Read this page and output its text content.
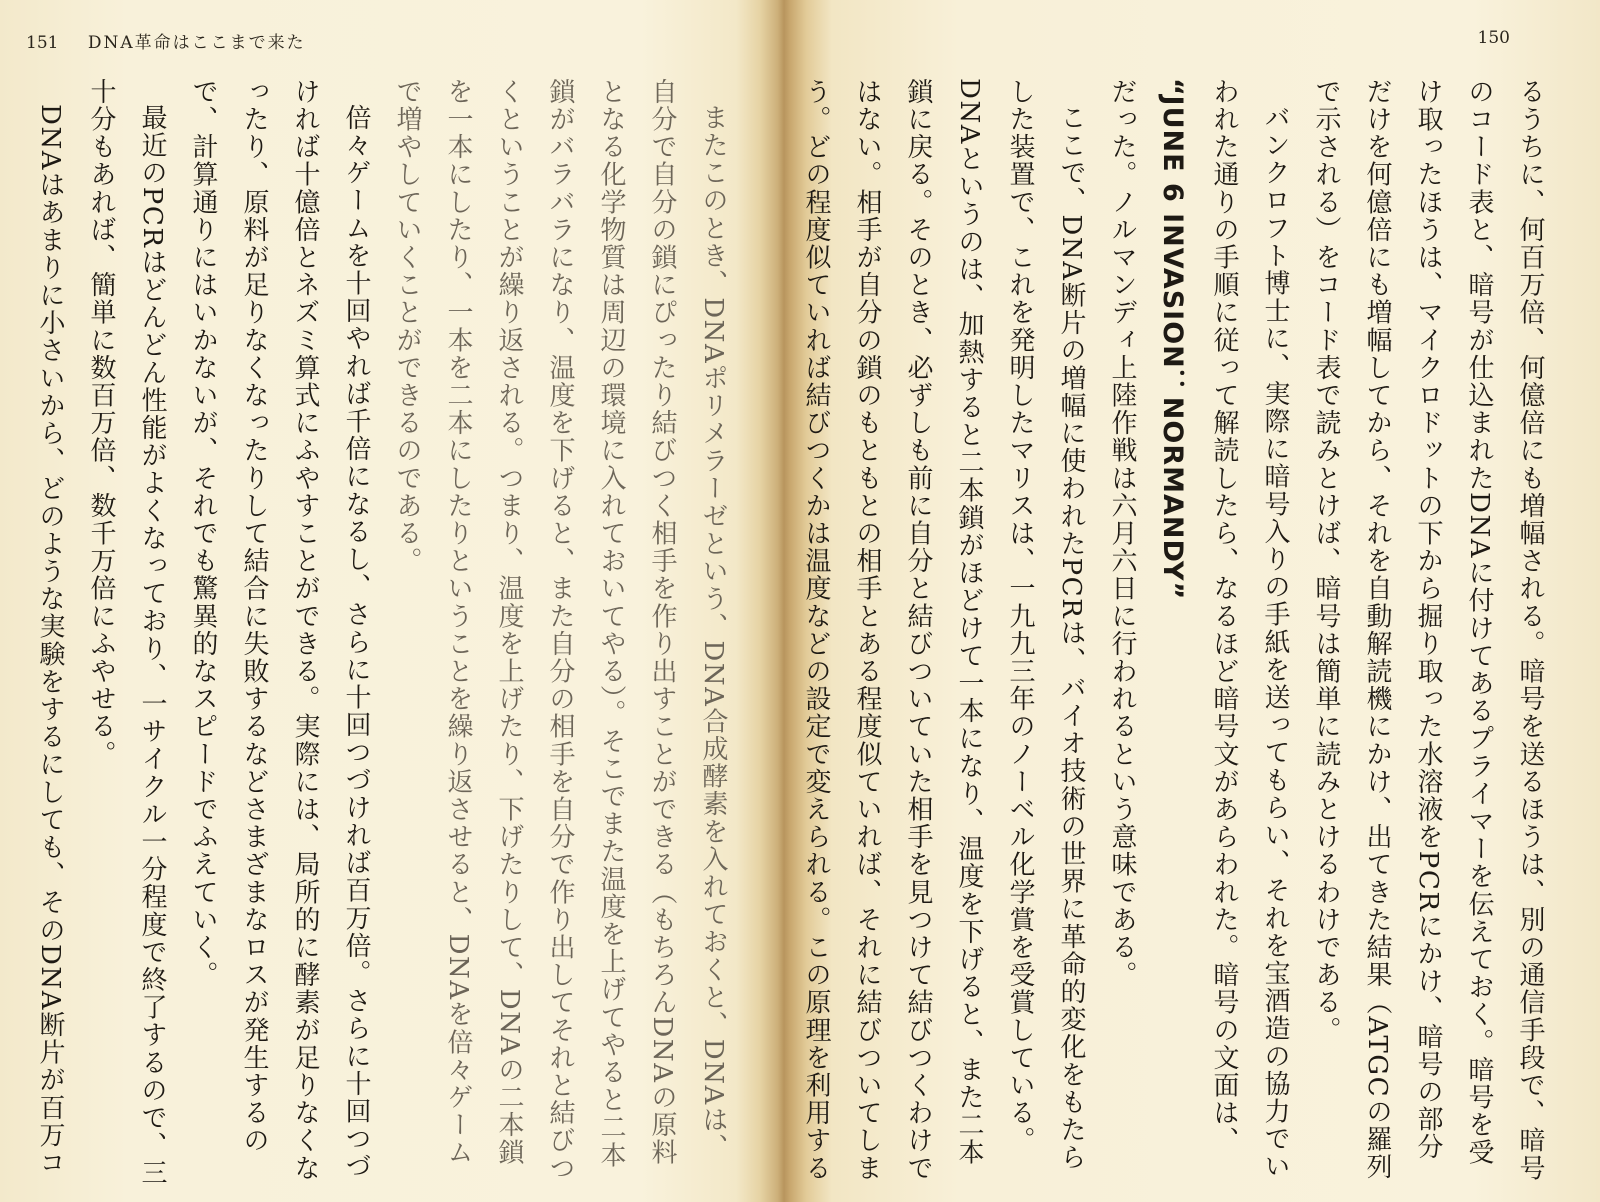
151 DNA革命はここまで来た

またこのとき、DNAポリメラーゼという、DNA合成酵素を入れておくと、DNAは、自分で自分の鎖にぴったり結びつく相手を作り出すことができる（もちろんDNAの原料となる化学物質は周辺の環境に入れておいてやる）。そこでまた温度を上げてやると二本鎖がバラバラになり、温度を下げると、また自分の相手を自分で作り出してそれと結びつくということが繰り返される。つまり、温度を上げたり、下げたりして、DNAの二本鎖を一本にしたり、一本を二本にしたりということを繰り返させると、DNAを倍々ゲームで増やしていくことができるのである。

倍々ゲームを十回やれば千倍になるし、さらに十回つづければ百万倍。さらに十回つづければ十億倍とネズミ算式にふやすことができる。実際には、局所的に酵素が足りなくなったり、原料が足りなくなったりして結合に失敗するなどさまざまなロスが発生するので、計算通りにはいかないが、それでも驚異的なスピードでふえていく。

最近のPCRはどんどん性能がよくなっており、一サイクル一分程度で終了するので、三十分もあれば、簡単に数百万倍、数千万倍にふやせる。

DNAはあまりに小さいから、どのような実験をするにしても、そのDNA断片が百万コ

150

るうちに、何百万倍、何億倍にも増幅される。暗号を送るほうは、別の通信手段で、暗号のコード表と、暗号が仕込まれたDNAに付けてあるプライマーを伝えておく。暗号を受け取ったほうは、マイクロドットの下から掘り取った水溶液をPCRにかけ、暗号の部分だけを何億倍にも増幅してから、それを自動解読機にかけ、出てきた結果（ATGCの羅列で示される）をコード表で読みとけば、暗号は簡単に読みとけるわけである。

バンクロフト博士に、実際に暗号入りの手紙を送ってもらい、それを宝酒造の協力でいわれた通りの手順に従って解読したら、なるほど暗号文があらわれた。暗号の文面は、

“JUNE 6 INVASION：NORMANDY”

だった。ノルマンディ上陸作戦は六月六日に行われるという意味である。

ここで、DNA断片の増幅に使われたPCRは、バイオ技術の世界に革命的変化をもたらした装置で、これを発明したマリスは、一九九三年のノーベル化学賞を受賞している。DNAというのは、加熱すると二本鎖がほどけて一本になり、温度を下げると、また二本鎖に戻る。そのとき、必ずしも前に自分と結びついていた相手を見つけて結びつくわけではない。相手が自分の鎖のもともとの相手とある程度似ていれば、それに結びついてしまう。どの程度似ていれば結びつくかは温度などの設定で変えられる。この原理を利用する
